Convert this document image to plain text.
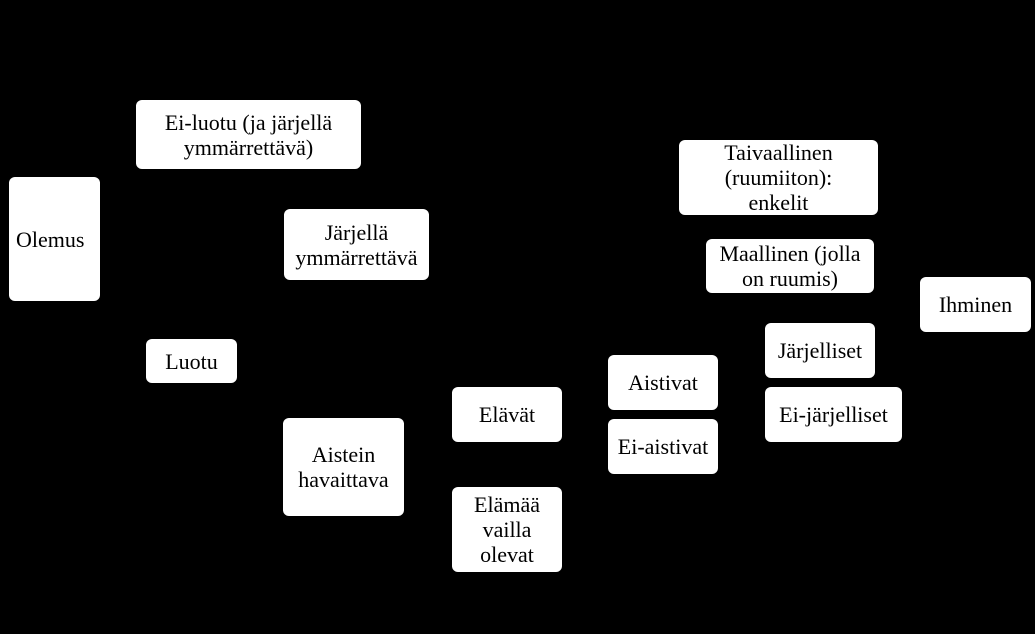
Olemus
Ei-luotu (ja järjellä
ymmärrettävä)
Järjellä
ymmärrettävä
Luotu
Aistein
havaittava
Elävät
Elämää
vailla
olevat
Aistivat
Ei-aistivat
Taivaallinen
(ruumiiton):
enkelit
Maallinen (jolla
on ruumis)
Järjelliset
Ei-järjelliset
Ihminen
